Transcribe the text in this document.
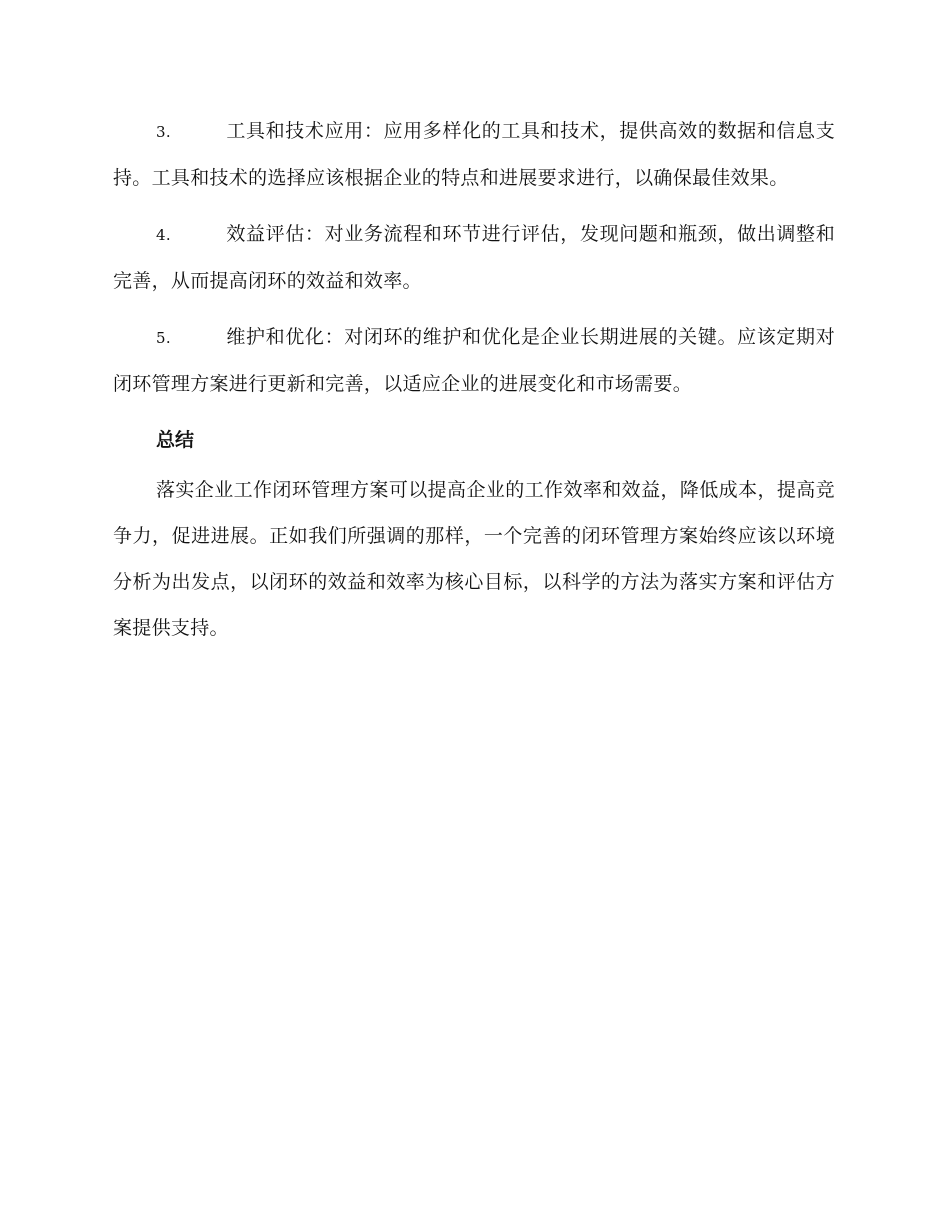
3.	工具和技术应用：应用多样化的工具和技术，提供高效的数据和信息支持。工具和技术的选择应该根据企业的特点和进展要求进行，以确保最佳效果。

4.	效益评估：对业务流程和环节进行评估，发现问题和瓶颈，做出调整和完善，从而提高闭环的效益和效率。

5.	维护和优化：对闭环的维护和优化是企业长期进展的关键。应该定期对闭环管理方案进行更新和完善，以适应企业的进展变化和市场需要。

总结

落实企业工作闭环管理方案可以提高企业的工作效率和效益，降低成本，提高竞争力，促进进展。正如我们所强调的那样，一个完善的闭环管理方案始终应该以环境分析为出发点，以闭环的效益和效率为核心目标，以科学的方法为落实方案和评估方案提供支持。
